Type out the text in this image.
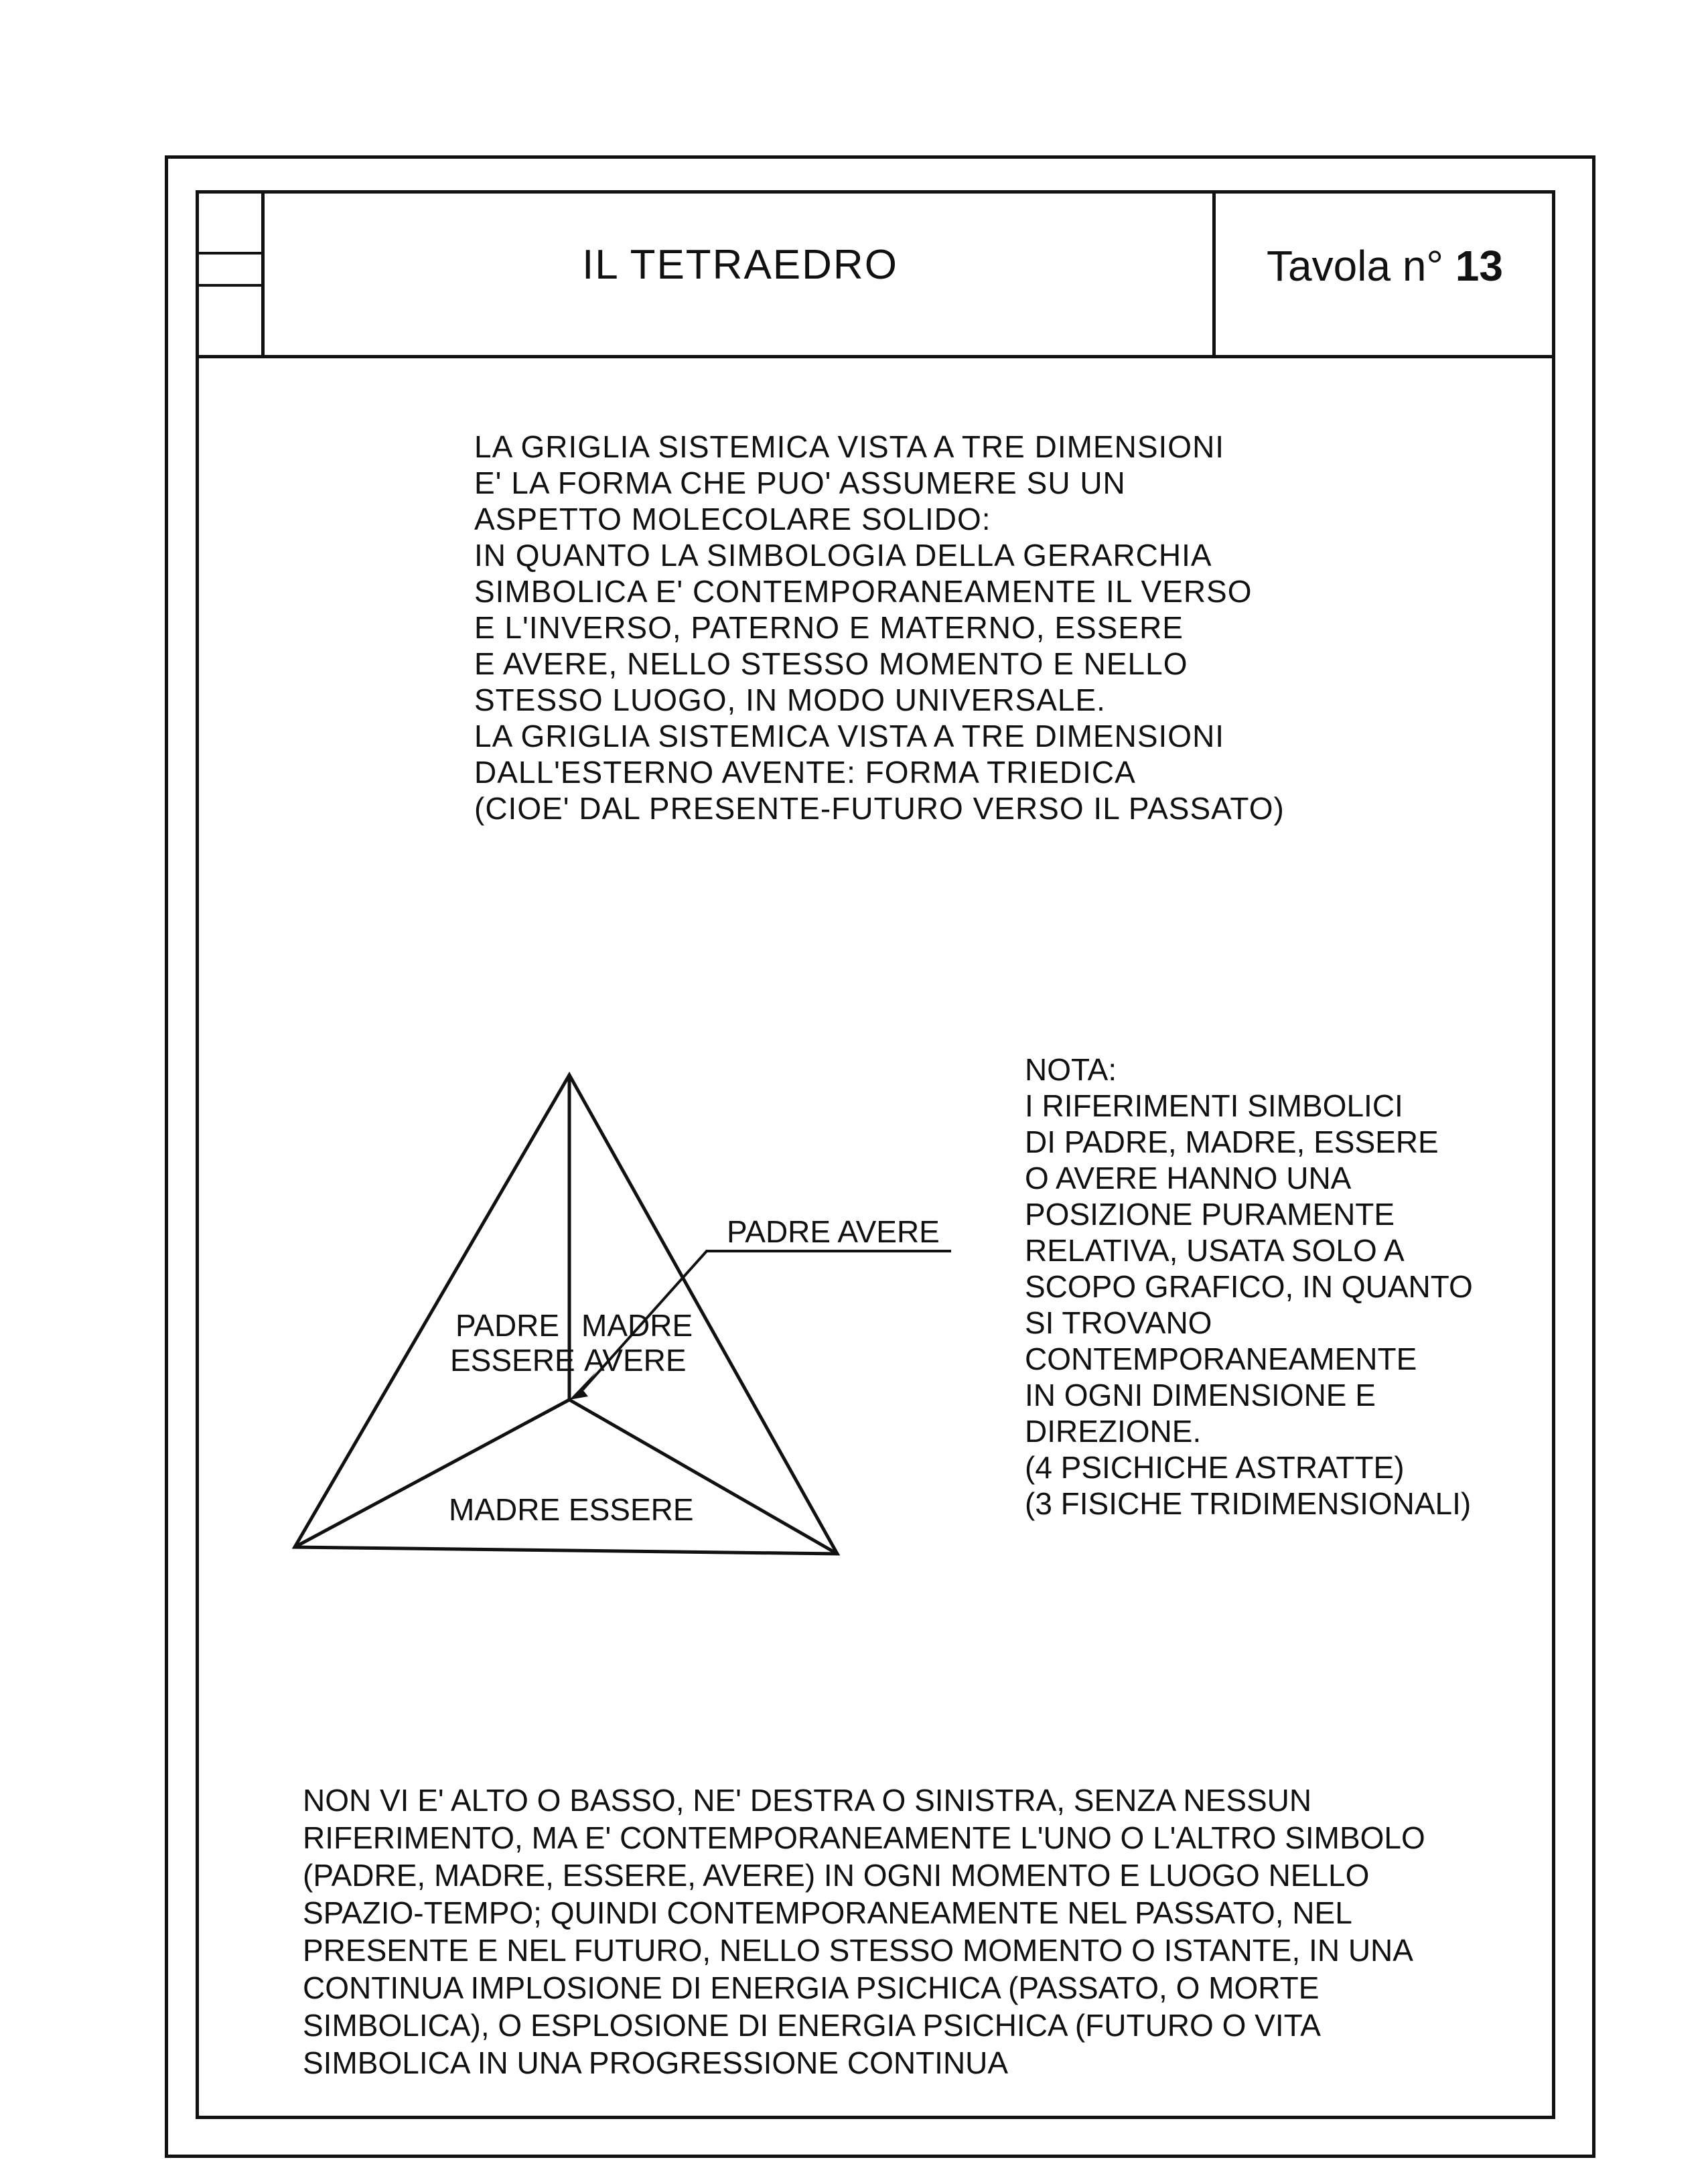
IL TETRAEDRO	Tavola n° 13
LA GRIGLIA SISTEMICA VISTA A TRE DIMENSIONI
E' LA FORMA CHE PUO' ASSUMERE SU UN
ASPETTO MOLECOLARE SOLIDO:
IN QUANTO LA SIMBOLOGIA DELLA GERARCHIA
SIMBOLICA E' CONTEMPORANEAMENTE IL VERSO
E L'INVERSO, PATERNO E MATERNO, ESSERE
E AVERE, NELLO STESSO MOMENTO E NELLO
STESSO LUOGO, IN MODO UNIVERSALE.
LA GRIGLIA SISTEMICA VISTA A TRE DIMENSIONI
DALL'ESTERNO AVENTE: FORMA TRIEDICA
(CIOE' DAL PRESENTE-FUTURO VERSO IL PASSATO)
PADRE AVERE
PADRE
ESSERE
MADRE
AVERE
MADRE ESSERE
NOTA:
I RIFERIMENTI SIMBOLICI
DI PADRE, MADRE, ESSERE
O AVERE HANNO UNA
POSIZIONE PURAMENTE
RELATIVA, USATA SOLO A
SCOPO GRAFICO, IN QUANTO
SI TROVANO
CONTEMPORANEAMENTE
IN OGNI DIMENSIONE E
DIREZIONE.
(4 PSICHICHE ASTRATTE)
(3 FISICHE TRIDIMENSIONALI)
NON VI E' ALTO O BASSO, NE' DESTRA O SINISTRA, SENZA NESSUN
RIFERIMENTO, MA E' CONTEMPORANEAMENTE L'UNO O L'ALTRO SIMBOLO
(PADRE, MADRE, ESSERE, AVERE) IN OGNI MOMENTO E LUOGO NELLO
SPAZIO-TEMPO; QUINDI CONTEMPORANEAMENTE NEL PASSATO, NEL
PRESENTE E NEL FUTURO, NELLO STESSO MOMENTO O ISTANTE, IN UNA
CONTINUA IMPLOSIONE DI ENERGIA PSICHICA (PASSATO, O MORTE
SIMBOLICA), O ESPLOSIONE DI ENERGIA PSICHICA (FUTURO O VITA
SIMBOLICA IN UNA PROGRESSIONE CONTINUA
